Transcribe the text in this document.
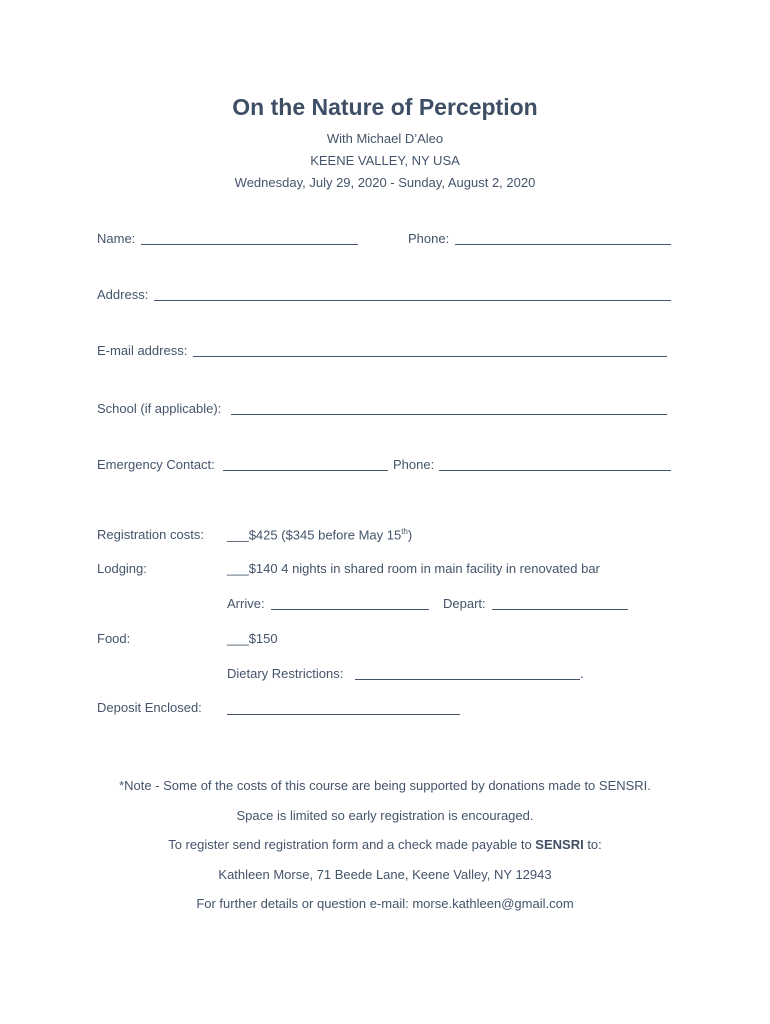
On the Nature of Perception
With Michael D’Aleo
KEENE VALLEY, NY USA
Wednesday, July 29, 2020 - Sunday, August 2, 2020
Name:	Phone:
Address:
E-mail address:
School (if applicable):
Emergency Contact:	Phone:
Registration costs: ___$425 ($345 before May 15th)
Lodging:	___$140 4 nights in shared room in main facility in renovated bar
Arrive:	Depart:
Food:	___$150
Dietary Restrictions:	.
Deposit Enclosed:
*Note - Some of the costs of this course are being supported by donations made to SENSRI.
Space is limited so early registration is encouraged.
To register send registration form and a check made payable to SENSRI to:
Kathleen Morse, 71 Beede Lane, Keene Valley, NY 12943
For further details or question e-mail: morse.kathleen@gmail.com
